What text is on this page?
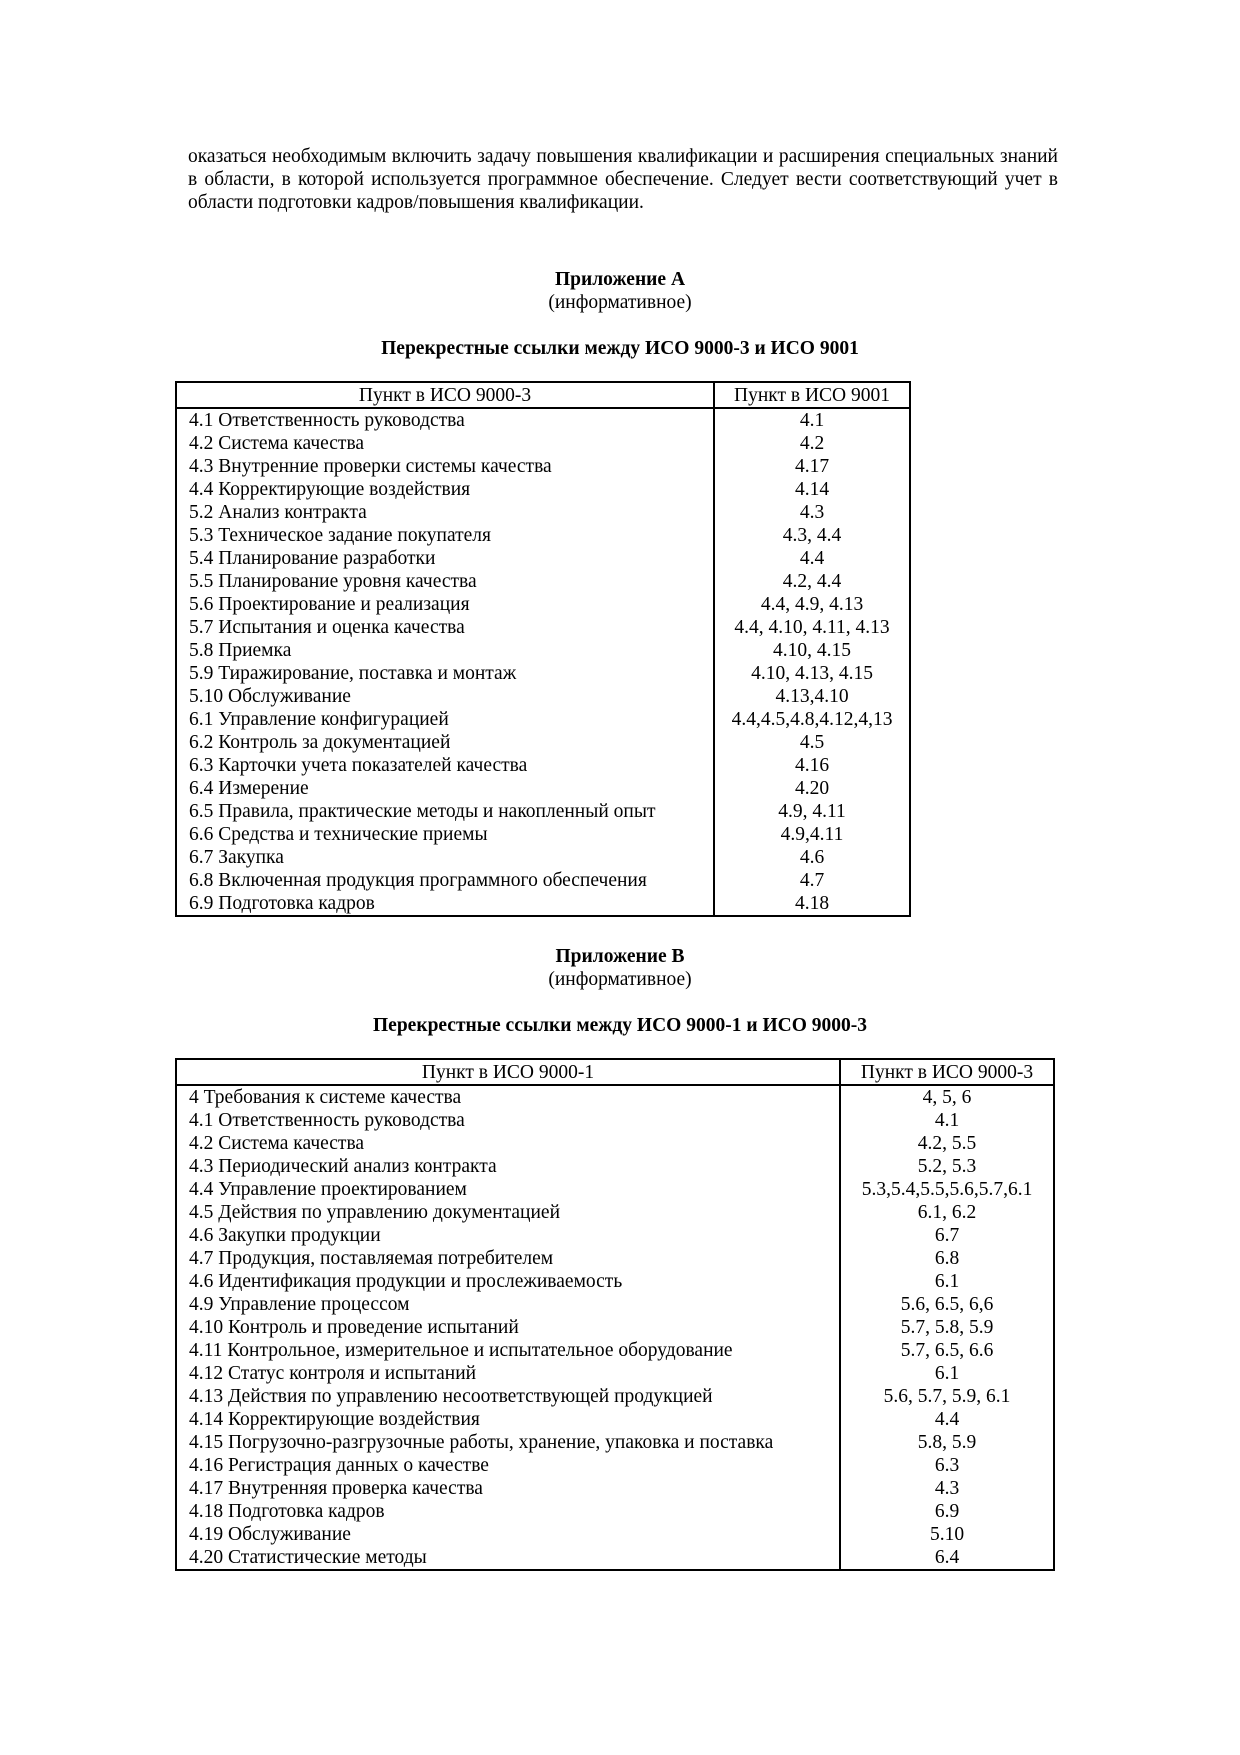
оказаться необходимым включить задачу повышения квалификации и расширения специальных знаний в области, в которой используется программное обеспечение. Следует вести соответствующий учет в области подготовки кадров/повышения квалификации.

Приложение А

(информативное)

Перекрестные ссылки между ИСО 9000-3 и ИСО 9001

Пункт в ИСО 9000-3	Пункт в ИСО 9001
4.1 Ответственность руководства	4.1
4.2 Система качества	4.2
4.3 Внутренние проверки системы качества	4.17
4.4 Корректирующие воздействия	4.14
5.2 Анализ контракта	4.3
5.3 Техническое задание покупателя	4.3, 4.4
5.4 Планирование разработки	4.4
5.5 Планирование уровня качества	4.2, 4.4
5.6 Проектирование и реализация	4.4, 4.9, 4.13
5.7 Испытания и оценка качества	4.4, 4.10, 4.11, 4.13
5.8 Приемка	4.10, 4.15
5.9 Тиражирование, поставка и монтаж	4.10, 4.13, 4.15
5.10 Обслуживание	4.13,4.10
6.1 Управление конфигурацией	4.4,4.5,4.8,4.12,4,13
6.2 Контроль за документацией	4.5
6.3 Карточки учета показателей качества	4.16
6.4 Измерение	4.20
6.5 Правила, практические методы и накопленный опыт	4.9, 4.11
6.6 Средства и технические приемы	4.9,4.11
6.7 Закупка	4.6
6.8 Включенная продукция программного обеспечения	4.7
6.9 Подготовка кадров	4.18

Приложение В

(информативное)

Перекрестные ссылки между ИСО 9000-1 и ИСО 9000-3

Пункт в ИСО 9000-1	Пункт в ИСО 9000-3
4 Требования к системе качества	4, 5, 6
4.1 Ответственность руководства	4.1
4.2 Система качества	4.2, 5.5
4.3 Периодический анализ контракта	5.2, 5.3
4.4 Управление проектированием	5.3,5.4,5.5,5.6,5.7,6.1
4.5 Действия по управлению документацией	6.1, 6.2
4.6 Закупки продукции	6.7
4.7 Продукция, поставляемая потребителем	6.8
4.6 Идентификация продукции и прослеживаемость	6.1
4.9 Управление процессом	5.6, 6.5, 6,6
4.10 Контроль и проведение испытаний	5.7, 5.8, 5.9
4.11 Контрольное, измерительное и испытательное оборудование	5.7, 6.5, 6.6
4.12 Статус контроля и испытаний	6.1
4.13 Действия по управлению несоответствующей продукцией	5.6, 5.7, 5.9, 6.1
4.14 Корректирующие воздействия	4.4
4.15 Погрузочно-разгрузочные работы, хранение, упаковка и поставка	5.8, 5.9
4.16 Регистрация данных о качестве	6.3
4.17 Внутренняя проверка качества	4.3
4.18 Подготовка кадров	6.9
4.19 Обслуживание	5.10
4.20 Статистические методы	6.4
